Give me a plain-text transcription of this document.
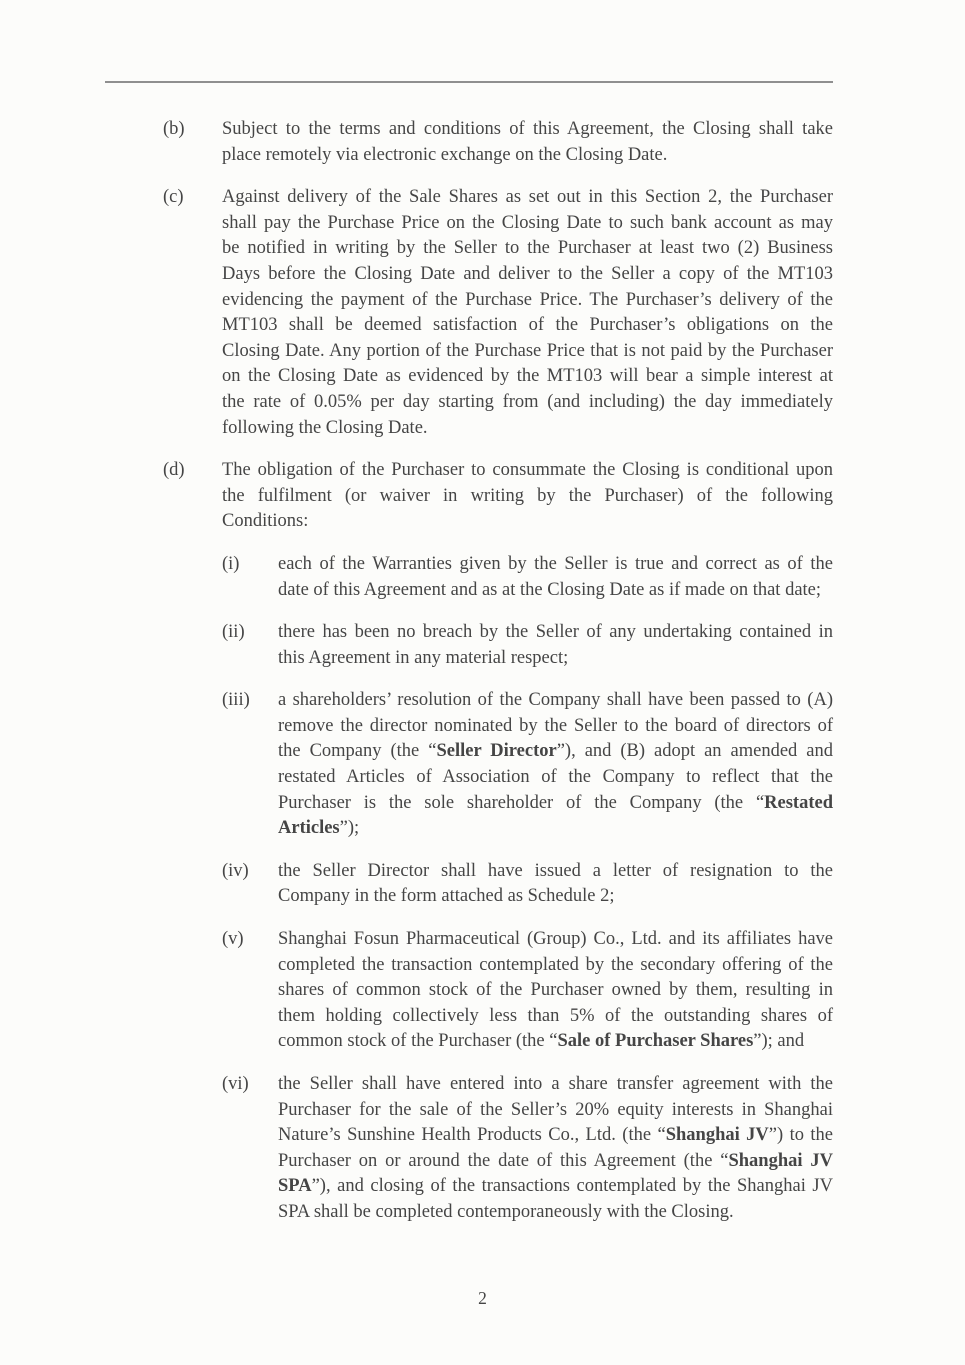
(b)	Subject to the terms and conditions of this Agreement, the Closing shall take
place remotely via electronic exchange on the Closing Date.
(c)	Against delivery of the Sale Shares as set out in this Section 2, the Purchaser
shall pay the Purchase Price on the Closing Date to such bank account as may
be notified in writing by the Seller to the Purchaser at least two (2) Business
Days before the Closing Date and deliver to the Seller a copy of the MT103
evidencing the payment of the Purchase Price. The Purchaser’s delivery of the
MT103 shall be deemed satisfaction of the Purchaser’s obligations on the
Closing Date. Any portion of the Purchase Price that is not paid by the Purchaser
on the Closing Date as evidenced by the MT103 will bear a simple interest at
the rate of 0.05% per day starting from (and including) the day immediately
following the Closing Date.
(d)	The obligation of the Purchaser to consummate the Closing is conditional upon
the fulfilment (or waiver in writing by the Purchaser) of the following
Conditions:
(i)	each of the Warranties given by the Seller is true and correct as of the
date of this Agreement and as at the Closing Date as if made on that date;
(ii)	there has been no breach by the Seller of any undertaking contained in
this Agreement in any material respect;
(iii)	a shareholders’ resolution of the Company shall have been passed to (A)
remove the director nominated by the Seller to the board of directors of
the Company (the “Seller Director”), and (B) adopt an amended and
restated Articles of Association of the Company to reflect that the
Purchaser is the sole shareholder of the Company (the “Restated
Articles”);
(iv)	the Seller Director shall have issued a letter of resignation to the
Company in the form attached as Schedule 2;
(v)	Shanghai Fosun Pharmaceutical (Group) Co., Ltd. and its affiliates have
completed the transaction contemplated by the secondary offering of the
shares of common stock of the Purchaser owned by them, resulting in
them holding collectively less than 5% of the outstanding shares of
common stock of the Purchaser (the “Sale of Purchaser Shares”); and
(vi)	the Seller shall have entered into a share transfer agreement with the
Purchaser for the sale of the Seller’s 20% equity interests in Shanghai
Nature’s Sunshine Health Products Co., Ltd. (the “Shanghai JV”) to the
Purchaser on or around the date of this Agreement (the “Shanghai JV
SPA”), and closing of the transactions contemplated by the Shanghai JV
SPA shall be completed contemporaneously with the Closing.
2
